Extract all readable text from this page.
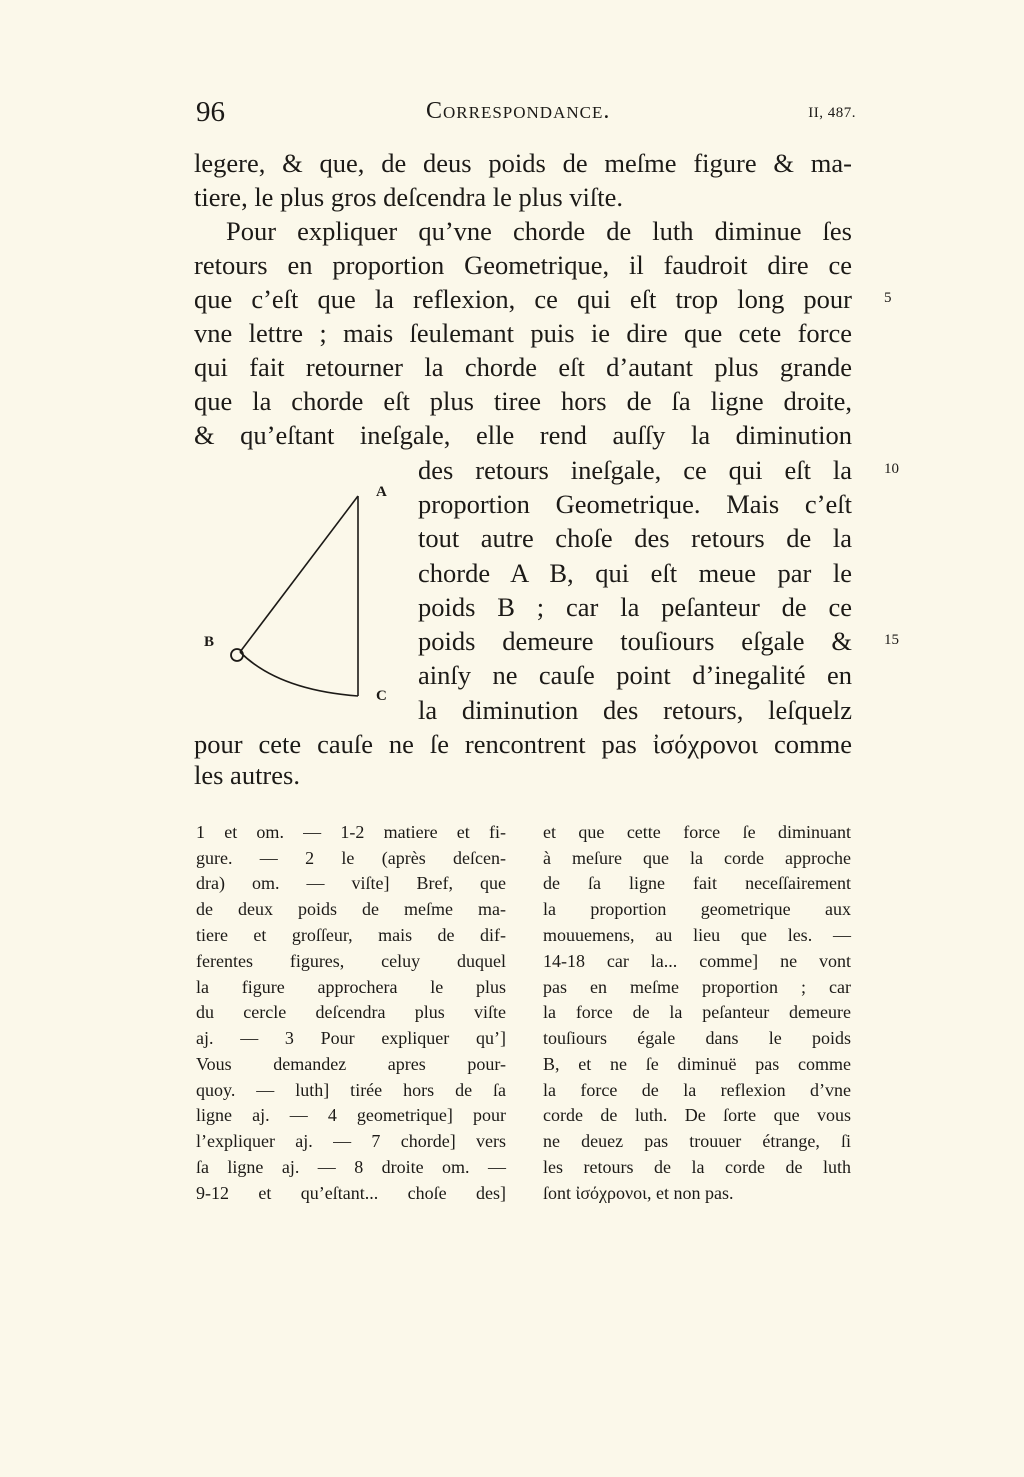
96	Correspondance.	II, 487.
legere, & que, de deus poids de meſme figure & ma-
tiere, le plus gros deſcendra le plus viſte.
Pour expliquer qu’vne chorde de luth diminue ſes
retours en proportion Geometrique, il faudroit dire ce
que c’eſt que la reflexion, ce qui eſt trop long pour
vne lettre ; mais ſeulemant puis ie dire que cete force
qui fait retourner la chorde eſt d’autant plus grande
que la chorde eſt plus tiree hors de ſa ligne droite,
& qu’eſtant ineſgale, elle rend auſſy la diminution
des retours ineſgale, ce qui eſt la
proportion Geometrique. Mais c’eſt
tout autre choſe des retours de la
chorde A B, qui eſt meue par le
poids B ; car la peſanteur de ce
poids demeure touſiours eſgale &
ainſy ne cauſe point d’inegalité en
la diminution des retours, leſquelz
pour cete cauſe ne ſe rencontrent pas ἰσόχρονοι comme
les autres.
5
10
15
A
B
C
1 et om. — 1-2 matiere et fi-
gure. — 2 le (après deſcen-
dra) om. — viſte] Bref, que
de deux poids de meſme ma-
tiere et groſſeur, mais de dif-
ferentes figures, celuy duquel
la figure approchera le plus
du cercle deſcendra plus viſte
aj. — 3 Pour expliquer qu’]
Vous demandez apres pour-
quoy. — luth] tirée hors de ſa
ligne aj. — 4 geometrique] pour
l’expliquer aj. — 7 chorde] vers
ſa ligne aj. — 8 droite om. —
9-12 et qu’eſtant... choſe des]
et que cette force ſe diminuant
à meſure que la corde approche
de ſa ligne fait neceſſairement
la proportion geometrique aux
mouuemens, au lieu que les. —
14-18 car la... comme] ne vont
pas en meſme proportion ; car
la force de la peſanteur demeure
touſiours égale dans le poids
B, et ne ſe diminuë pas comme
la force de la reflexion d’vne
corde de luth. De ſorte que vous
ne deuez pas trouuer étrange, ſi
les retours de la corde de luth
ſont ἰσόχρονοι, et non pas.
